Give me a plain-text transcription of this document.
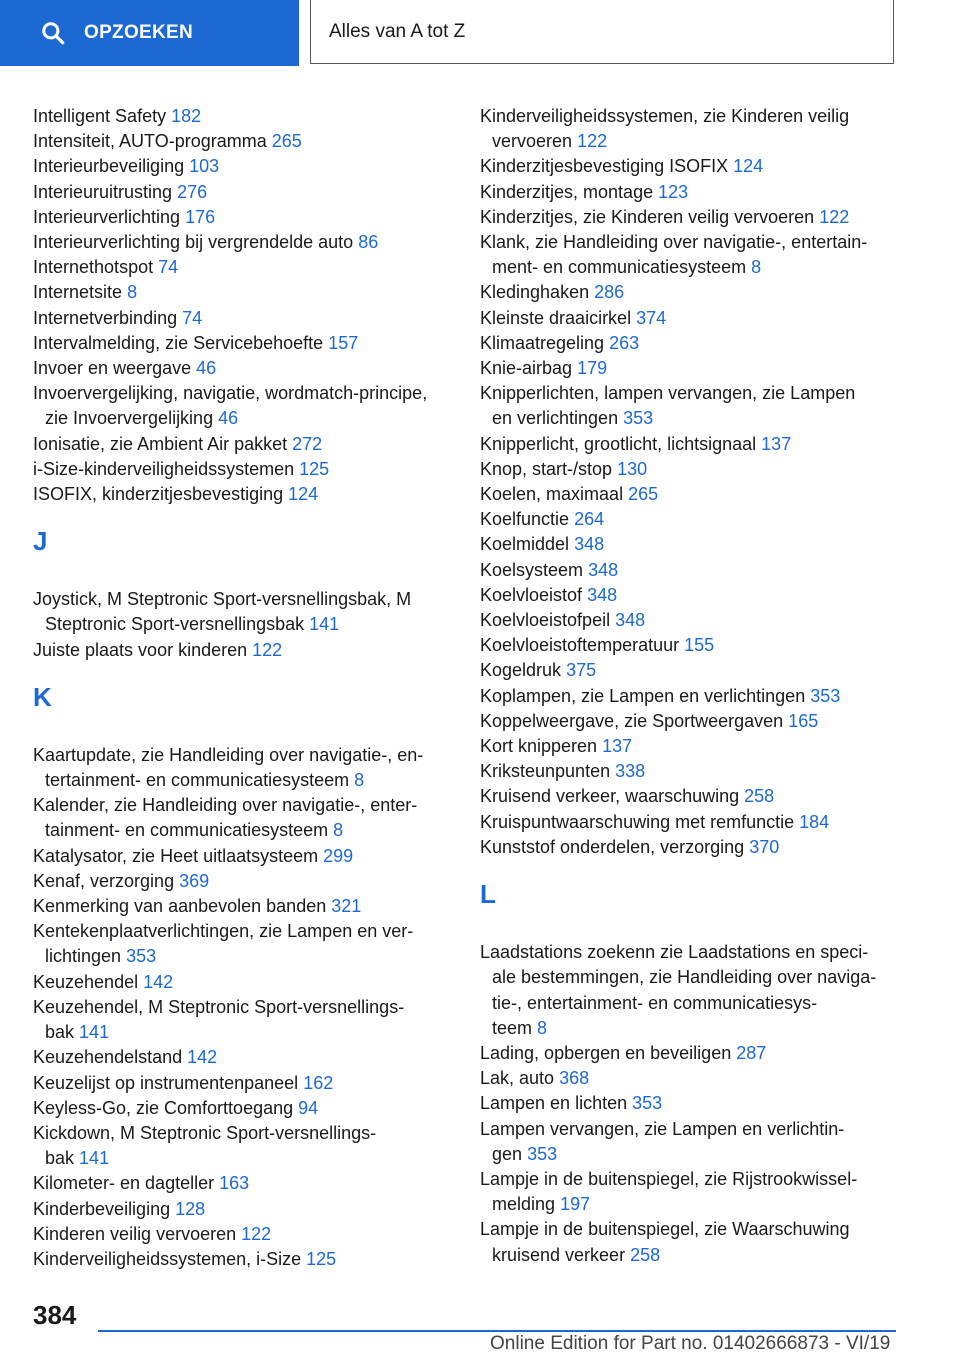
OPZOEKEN	Alles van A tot Z
Intelligent Safety 182
Intensiteit, AUTO-programma 265
Interieurbeveiliging 103
Interieuruitrusting 276
Interieurverlichting 176
Interieurverlichting bij vergrendelde auto 86
Internethotspot 74
Internetsite 8
Internetverbinding 74
Intervalmelding, zie Servicebehoefte 157
Invoer en weergave 46
Invoervergelijking, navigatie, wordmatch-principe,
zie Invoervergelijking 46
Ionisatie, zie Ambient Air pakket 272
i-Size-kinderveiligheidssystemen 125
ISOFIX, kinderzitjesbevestiging 124
J
Joystick, M Steptronic Sport-versnellingsbak, M
Steptronic Sport-versnellingsbak 141
Juiste plaats voor kinderen 122
K
Kaartupdate, zie Handleiding over navigatie-, en-
tertainment- en communicatiesysteem 8
Kalender, zie Handleiding over navigatie-, enter-
tainment- en communicatiesysteem 8
Katalysator, zie Heet uitlaatsysteem 299
Kenaf, verzorging 369
Kenmerking van aanbevolen banden 321
Kentekenplaatverlichtingen, zie Lampen en ver-
lichtingen 353
Keuzehendel 142
Keuzehendel, M Steptronic Sport-versnellings-
bak 141
Keuzehendelstand 142
Keuzelijst op instrumentenpaneel 162
Keyless-Go, zie Comforttoegang 94
Kickdown, M Steptronic Sport-versnellings-
bak 141
Kilometer- en dagteller 163
Kinderbeveiliging 128
Kinderen veilig vervoeren 122
Kinderveiligheidssystemen, i-Size 125
Kinderveiligheidssystemen, zie Kinderen veilig
vervoeren 122
Kinderzitjesbevestiging ISOFIX 124
Kinderzitjes, montage 123
Kinderzitjes, zie Kinderen veilig vervoeren 122
Klank, zie Handleiding over navigatie-, entertain-
ment- en communicatiesysteem 8
Kledinghaken 286
Kleinste draaicirkel 374
Klimaatregeling 263
Knie-airbag 179
Knipperlichten, lampen vervangen, zie Lampen
en verlichtingen 353
Knipperlicht, grootlicht, lichtsignaal 137
Knop, start-/stop 130
Koelen, maximaal 265
Koelfunctie 264
Koelmiddel 348
Koelsysteem 348
Koelvloeistof 348
Koelvloeistofpeil 348
Koelvloeistoftemperatuur 155
Kogeldruk 375
Koplampen, zie Lampen en verlichtingen 353
Koppelweergave, zie Sportweergaven 165
Kort knipperen 137
Kriksteunpunten 338
Kruisend verkeer, waarschuwing 258
Kruispuntwaarschuwing met remfunctie 184
Kunststof onderdelen, verzorging 370
L
Laadstations zoekenn zie Laadstations en speci-
ale bestemmingen, zie Handleiding over naviga-
tie-, entertainment- en communicatiesys-
teem 8
Lading, opbergen en beveiligen 287
Lak, auto 368
Lampen en lichten 353
Lampen vervangen, zie Lampen en verlichtin-
gen 353
Lampje in de buitenspiegel, zie Rijstrookwissel-
melding 197
Lampje in de buitenspiegel, zie Waarschuwing
kruisend verkeer 258
384
Online Edition for Part no. 01402666873 - VI/19
